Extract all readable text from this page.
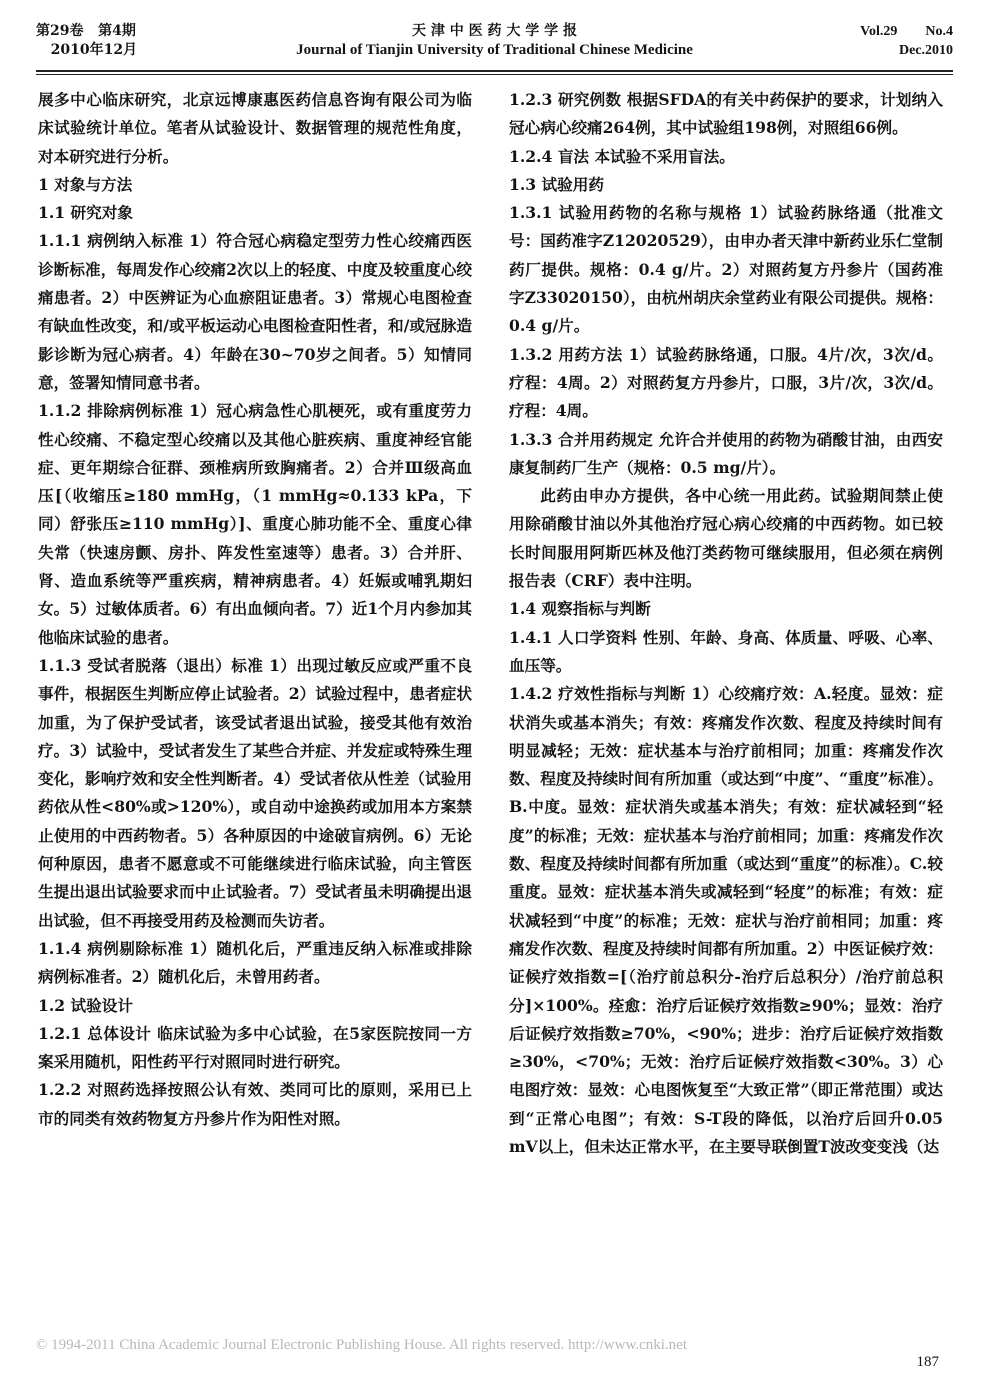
第29卷   第4期
2010年12月
天 津 中 医 药 大 学 学 报
Journal of Tianjin University of Traditional Chinese Medicine
Vol.29        No.4
Dec.2010

展多中心临床研究，北京远博康惠医药信息咨询有限公司为临床试验统计单位。笔者从试验设计、数据管理的规范性角度，对本研究进行分析。

1 对象与方法

1.1 研究对象

1.1.1 病例纳入标准 1）符合冠心病稳定型劳力性心绞痛西医诊断标准，每周发作心绞痛2次以上的轻度、中度及较重度心绞痛患者。2）中医辨证为心血瘀阻证患者。3）常规心电图检查有缺血性改变，和/或平板运动心电图检查阳性者，和/或冠脉造影诊断为冠心病者。4）年龄在30~70岁之间者。5）知情同意，签署知情同意书者。

1.1.2 排除病例标准 1）冠心病急性心肌梗死，或有重度劳力性心绞痛、不稳定型心绞痛以及其他心脏疾病、重度神经官能症、更年期综合征群、颈椎病所致胸痛者。2）合并Ⅲ级高血压[（收缩压≥180 mmHg，（1 mmHg≈0.133 kPa，下同）舒张压≥110 mmHg）]、重度心肺功能不全、重度心律失常（快速房颤、房扑、阵发性室速等）患者。3）合并肝、肾、造血系统等严重疾病，精神病患者。4）妊娠或哺乳期妇女。5）过敏体质者。6）有出血倾向者。7）近1个月内参加其他临床试验的患者。

1.1.3 受试者脱落（退出）标准 1）出现过敏反应或严重不良事件，根据医生判断应停止试验者。2）试验过程中，患者症状加重，为了保护受试者，该受试者退出试验，接受其他有效治疗。3）试验中，受试者发生了某些合并症、并发症或特殊生理变化，影响疗效和安全性判断者。4）受试者依从性差（试验用药依从性<80%或>120%），或自动中途换药或加用本方案禁止使用的中西药物者。5）各种原因的中途破盲病例。6）无论何种原因，患者不愿意或不可能继续进行临床试验，向主管医生提出退出试验要求而中止试验者。7）受试者虽未明确提出退出试验，但不再接受用药及检测而失访者。

1.1.4 病例剔除标准 1）随机化后，严重违反纳入标准或排除病例标准者。2）随机化后，未曾用药者。

1.2 试验设计

1.2.1 总体设计 临床试验为多中心试验，在5家医院按同一方案采用随机，阳性药平行对照同时进行研究。

1.2.2 对照药选择按照公认有效、类同可比的原则，采用已上市的同类有效药物复方丹参片作为阳性对照。

1.2.3 研究例数 根据SFDA的有关中药保护的要求，计划纳入冠心病心绞痛264例，其中试验组198例，对照组66例。

1.2.4 盲法 本试验不采用盲法。

1.3 试验用药

1.3.1 试验用药物的名称与规格 1）试验药脉络通（批准文号：国药准字Z12020529），由申办者天津中新药业乐仁堂制药厂提供。规格：0.4 g/片。2）对照药复方丹参片（国药准字Z33020150），由杭州胡庆余堂药业有限公司提供。规格：0.4 g/片。

1.3.2 用药方法 1）试验药脉络通，口服。4片/次，3次/d。疗程：4周。2）对照药复方丹参片，口服，3片/次，3次/d。疗程：4周。

1.3.3 合并用药规定 允许合并使用的药物为硝酸甘油，由西安康复制药厂生产（规格：0.5 mg/片）。

此药由申办方提供，各中心统一用此药。试验期间禁止使用除硝酸甘油以外其他治疗冠心病心绞痛的中西药物。如已较长时间服用阿斯匹林及他汀类药物可继续服用，但必须在病例报告表（CRF）表中注明。

1.4 观察指标与判断

1.4.1 人口学资料 性别、年龄、身高、体质量、呼吸、心率、血压等。

1.4.2 疗效性指标与判断 1）心绞痛疗效：A.轻度。显效：症状消失或基本消失；有效：疼痛发作次数、程度及持续时间有明显减轻；无效：症状基本与治疗前相同；加重：疼痛发作次数、程度及持续时间有所加重（或达到“中度”、“重度”标准）。B.中度。显效：症状消失或基本消失；有效：症状减轻到“轻度”的标准；无效：症状基本与治疗前相同；加重：疼痛发作次数、程度及持续时间都有所加重（或达到“重度”的标准）。C.较重度。显效：症状基本消失或减轻到“轻度”的标准；有效：症状减轻到“中度”的标准；无效：症状与治疗前相同；加重：疼痛发作次数、程度及持续时间都有所加重。2）中医证候疗效：证候疗效指数=[（治疗前总积分-治疗后总积分）/治疗前总积分]×100%。痊愈：治疗后证候疗效指数≥90%；显效：治疗后证候疗效指数≥70%，<90%；进步：治疗后证候疗效指数≥30%，<70%；无效：治疗后证候疗效指数<30%。3）心电图疗效：显效：心电图恢复至“大致正常”（即正常范围）或达到“正常心电图”；有效：S-T段的降低，以治疗后回升0.05 mV以上，但未达正常水平，在主要导联倒置T波改变变浅（达

© 1994-2011 China Academic Journal Electronic Publishing House. All rights reserved. http://www.cnki.net
187
